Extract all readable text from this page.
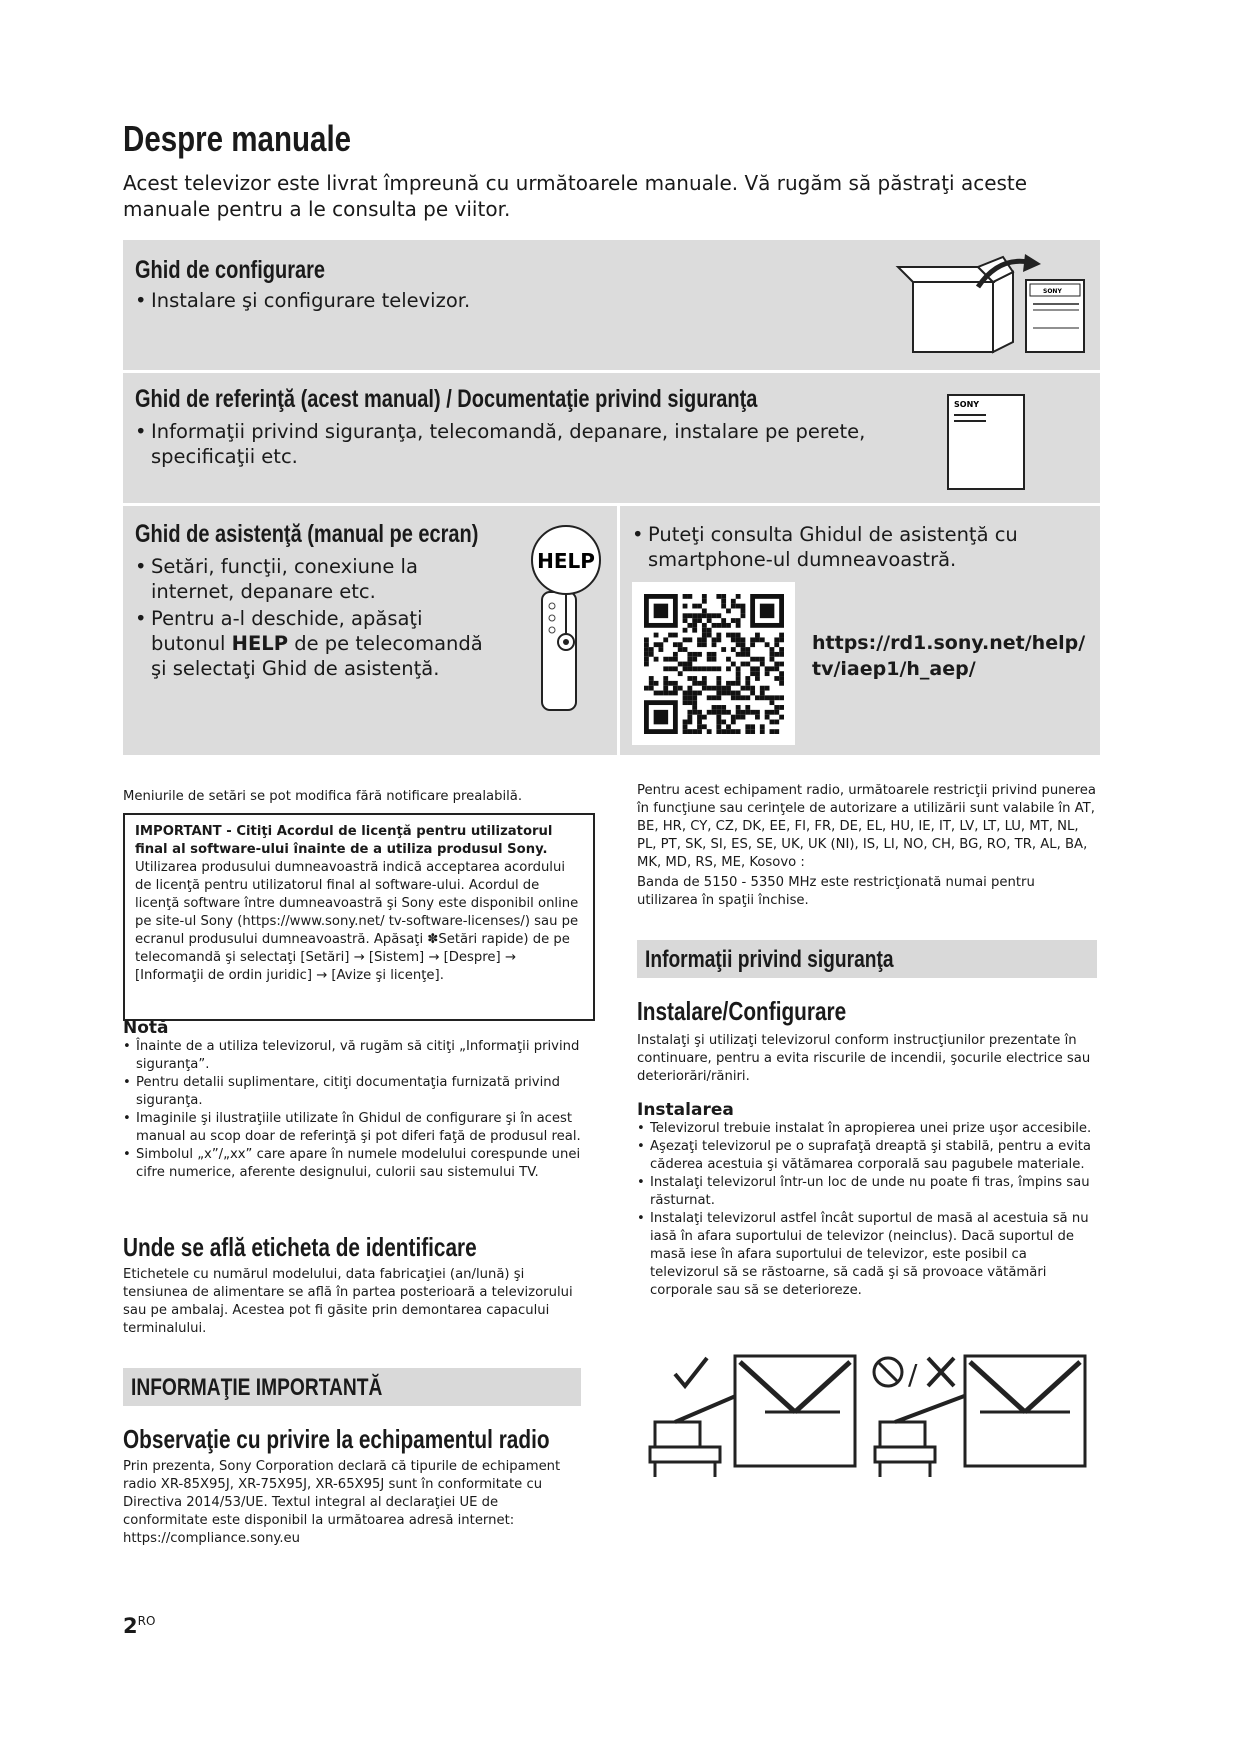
Despre manuale
Acest televizor este livrat împreună cu următoarele manuale. Vă rugăm să păstraţi aceste manuale pentru a le consulta pe viitor.
Ghid de configurare
• Instalare şi configurare televizor.	SONY
Ghid de referinţă (acest manual) / Documentaţie privind siguranţa
• Informaţii privind siguranţa, telecomandă, depanare, instalare pe perete, specificaţii etc.
SONY
Ghid de asistenţă (manual pe ecran)
• Setări, funcţii, conexiune la internet, depanare etc.
• Pentru a-l deschide, apăsaţi butonul HELP de pe telecomandă şi selectaţi Ghid de asistenţă.
HELP
• Puteţi consulta Ghidul de asistenţă cu smartphone-ul dumneavoastră.
https://rd1.sony.net/help/ tv/iaep1/h_aep/
Meniurile de setări se pot modifica fără notificare prealabilă.
IMPORTANT - Citiţi Acordul de licenţă pentru utilizatorul final al software-ului înainte de a utiliza produsul Sony.
Utilizarea produsului dumneavoastră indică acceptarea acordului de licenţă pentru utilizatorul final al software-ului. Acordul de licenţă software între dumneavoastră şi Sony este disponibil online pe site-ul Sony (https://www.sony.net/ tv-software-licenses/) sau pe ecranul produsului dumneavoastră. Apăsaţi ✽Setări rapide) de pe telecomandă şi selectaţi [Setări] → [Sistem] → [Despre] → [Informaţii de ordin juridic] → [Avize şi licenţe].
Notă
• Înainte de a utiliza televizorul, vă rugăm să citiţi „Informaţii privind siguranţa”.
• Pentru detalii suplimentare, citiţi documentaţia furnizată privind siguranţa.
• Imaginile şi ilustraţiile utilizate în Ghidul de configurare şi în acest manual au scop doar de referinţă şi pot diferi faţă de produsul real.
• Simbolul „x”/„xx” care apare în numele modelului corespunde unei cifre numerice, aferente designului, culorii sau sistemului TV.
Unde se află eticheta de identificare
Etichetele cu numărul modelului, data fabricaţiei (an/lună) şi tensiunea de alimentare se află în partea posterioară a televizorului sau pe ambalaj. Acestea pot fi găsite prin demontarea capacului terminalului.
INFORMAŢIE IMPORTANTĂ
Observaţie cu privire la echipamentul radio
Prin prezenta, Sony Corporation declară că tipurile de echipament radio XR-85X95J, XR-75X95J, XR-65X95J sunt în conformitate cu Directiva 2014/53/UE. Textul integral al declaraţiei UE de conformitate este disponibil la următoarea adresă internet: https://compliance.sony.eu
Pentru acest echipament radio, următoarele restricţii privind punerea în funcţiune sau cerinţele de autorizare a utilizării sunt valabile în AT, BE, HR, CY, CZ, DK, EE, FI, FR, DE, EL, HU, IE, IT, LV, LT, LU, MT, NL, PL, PT, SK, SI, ES, SE, UK, UK (NI), IS, LI, NO, CH, BG, RO, TR, AL, BA, MK, MD, RS, ME, Kosovo :
Banda de 5150 - 5350 MHz este restricţionată numai pentru utilizarea în spaţii închise.
Informaţii privind siguranţa
Instalare/Configurare
Instalaţi şi utilizaţi televizorul conform instrucţiunilor prezentate în continuare, pentru a evita riscurile de incendii, şocurile electrice sau deteriorări/răniri.
Instalarea
• Televizorul trebuie instalat în apropierea unei prize uşor accesibile.
• Aşezaţi televizorul pe o suprafaţă dreaptă şi stabilă, pentru a evita căderea acestuia şi vătămarea corporală sau pagubele materiale.
• Instalaţi televizorul într-un loc de unde nu poate fi tras, împins sau răsturnat.
• Instalaţi televizorul astfel încât suportul de masă al acestuia să nu iasă în afara suportului de televizor (neinclus). Dacă suportul de masă iese în afara suportului de televizor, este posibil ca televizorul să se răstoarne, să cadă şi să provoace vătămări corporale sau să se deterioreze.
/
$2^{RO}$
